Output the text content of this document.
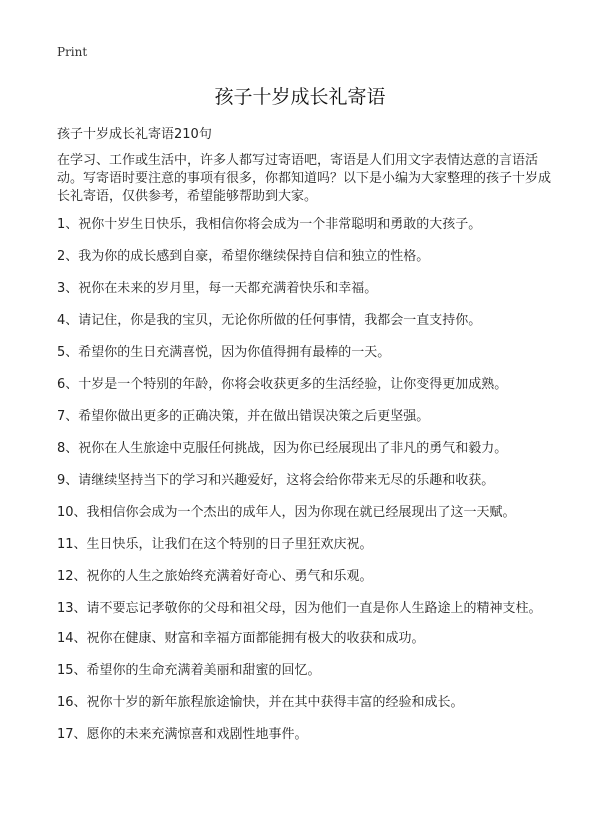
Print
孩子十岁成长礼寄语
孩子十岁成长礼寄语210句

在学习、工作或生活中，许多人都写过寄语吧，寄语是人们用文字表情达意的言语活动。写寄语时要注意的事项有很多，你都知道吗？以下是小编为大家整理的孩子十岁成长礼寄语，仅供参考，希望能够帮助到大家。

1、祝你十岁生日快乐，我相信你将会成为一个非常聪明和勇敢的大孩子。
2、我为你的成长感到自豪，希望你继续保持自信和独立的性格。
3、祝你在未来的岁月里，每一天都充满着快乐和幸福。
4、请记住，你是我的宝贝，无论你所做的任何事情，我都会一直支持你。
5、希望你的生日充满喜悦，因为你值得拥有最棒的一天。
6、十岁是一个特别的年龄，你将会收获更多的生活经验，让你变得更加成熟。
7、希望你做出更多的正确决策，并在做出错误决策之后更坚强。
8、祝你在人生旅途中克服任何挑战，因为你已经展现出了非凡的勇气和毅力。
9、请继续坚持当下的学习和兴趣爱好，这将会给你带来无尽的乐趣和收获。
10、我相信你会成为一个杰出的成年人，因为你现在就已经展现出了这一天赋。
11、生日快乐，让我们在这个特别的日子里狂欢庆祝。
12、祝你的人生之旅始终充满着好奇心、勇气和乐观。
13、请不要忘记孝敬你的父母和祖父母，因为他们一直是你人生路途上的精神支柱。
14、祝你在健康、财富和幸福方面都能拥有极大的收获和成功。
15、希望你的生命充满着美丽和甜蜜的回忆。
16、祝你十岁的新年旅程旅途愉快，并在其中获得丰富的经验和成长。
17、愿你的未来充满惊喜和戏剧性地事件。
